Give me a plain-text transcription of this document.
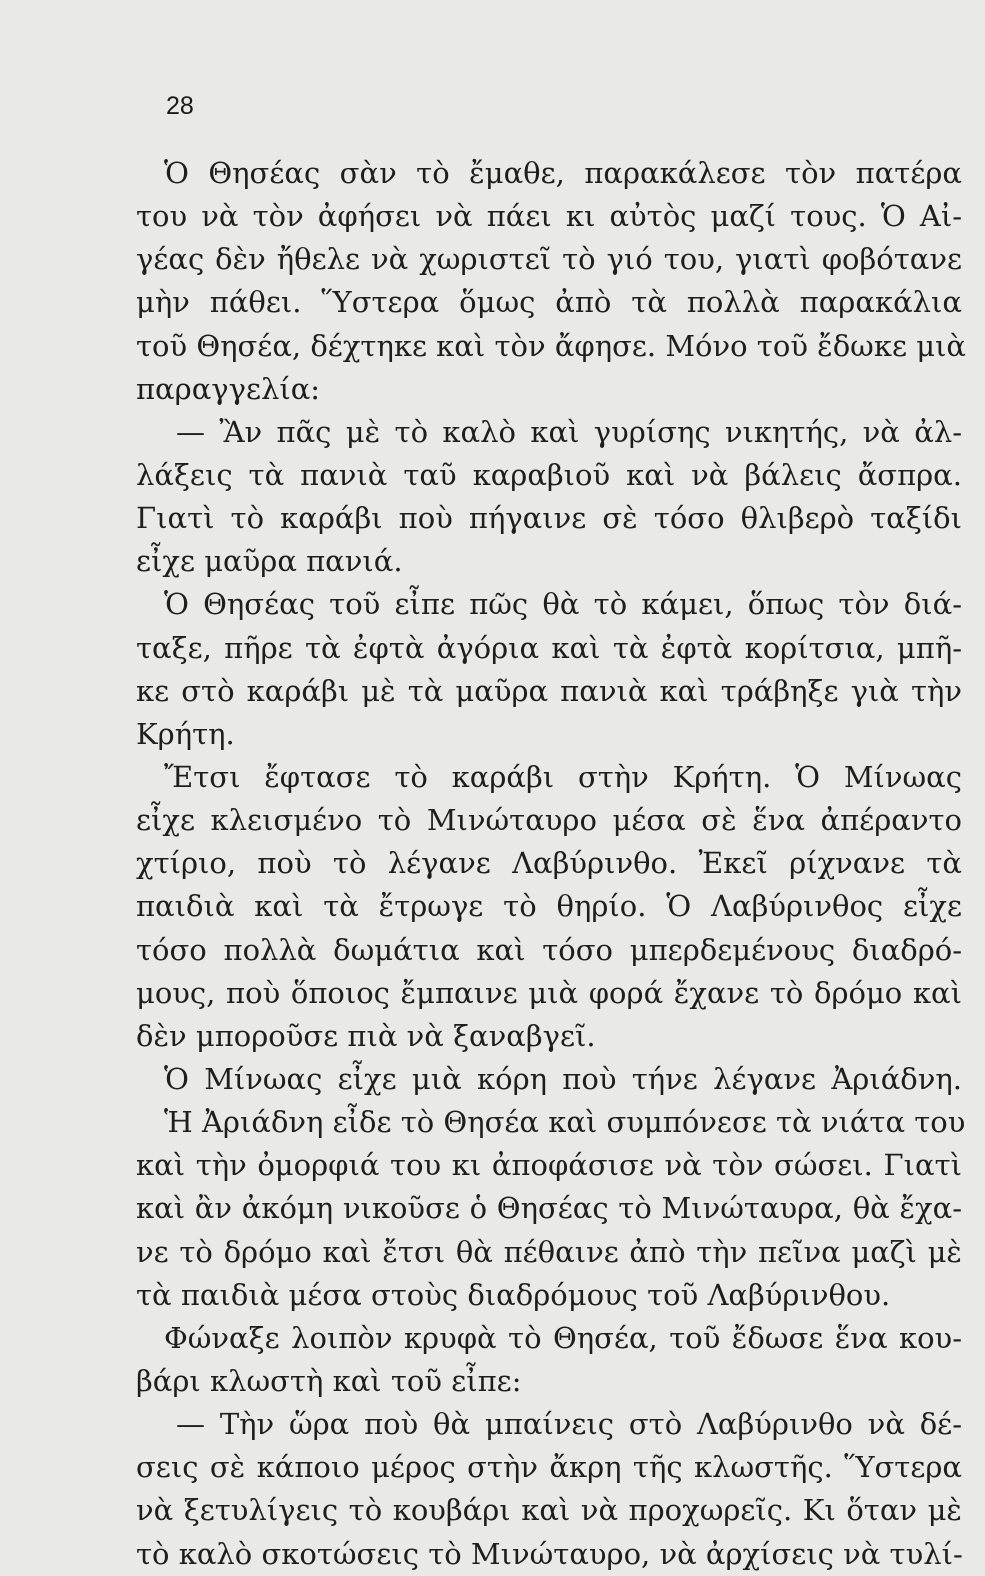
28
Ὁ Θησέας σὰν τὸ ἔμαθε, παρακάλεσε τὸν πατέρα
του νὰ τὸν ἀφήσει νὰ πάει κι αὐτὸς μαζί τους. Ὁ Αἰ-
γέας δὲν ἤθελε νὰ χωριστεῖ τὸ γιό του, γιατὶ φοβότανε
μὴν πάθει. Ὕστερα ὅμως ἀπὸ τὰ πολλὰ παρακάλια
τοῦ Θησέα, δέχτηκε καὶ τὸν ἄφησε. Μόνο τοῦ ἔδωκε μιὰ
παραγγελία:
— Ἂν πᾶς μὲ τὸ καλὸ καὶ γυρίσης νικητής, νὰ ἀλ-
λάξεις τὰ πανιὰ ταῦ καραβιοῦ καὶ νὰ βάλεις ἄσπρα.
Γιατὶ τὸ καράβι ποὺ πήγαινε σὲ τόσο θλιβερὸ ταξίδι
εἶχε μαῦρα πανιά.
Ὁ Θησέας τοῦ εἶπε πῶς θὰ τὸ κάμει, ὅπως τὸν διά-
ταξε, πῆρε τὰ ἐφτὰ ἀγόρια καὶ τὰ ἐφτὰ κορίτσια, μπῆ-
κε στὸ καράβι μὲ τὰ μαῦρα πανιὰ καὶ τράβηξε γιὰ τὴν
Κρήτη.
Ἔτσι ἔφτασε τὸ καράβι στὴν Κρήτη. Ὁ Μίνωας
εἶχε κλεισμένο τὸ Μινώταυρο μέσα σὲ ἕνα ἀπέραντο
χτίριο, ποὺ τὸ λέγανε Λαβύρινθο. Ἐκεῖ ρίχνανε τὰ
παιδιὰ καὶ τὰ ἔτρωγε τὸ θηρίο. Ὁ Λαβύρινθος εἶχε
τόσο πολλὰ δωμάτια καὶ τόσο μπερδεμένους διαδρό-
μους, ποὺ ὅποιος ἔμπαινε μιὰ φορά ἔχανε τὸ δρόμο καὶ
δὲν μποροῦσε πιὰ νὰ ξαναβγεῖ.
Ὁ Μίνωας εἶχε μιὰ κόρη ποὺ τήνε λέγανε Ἀριάδνη.
Ἡ Ἀριάδνη εἶδε τὸ Θησέα καὶ συμπόνεσε τὰ νιάτα του
καὶ τὴν ὀμορφιά του κι ἀποφάσισε νὰ τὸν σώσει. Γιατὶ
καὶ ἂν ἀκόμη νικοῦσε ὁ Θησέας τὸ Μινώταυρα, θὰ ἔχα-
νε τὸ δρόμο καὶ ἔτσι θὰ πέθαινε ἀπὸ τὴν πεῖνα μαζὶ μὲ
τὰ παιδιὰ μέσα στοὺς διαδρόμους τοῦ Λαβύρινθου.
Φώναξε λοιπὸν κρυφὰ τὸ Θησέα, τοῦ ἔδωσε ἕνα κου-
βάρι κλωστὴ καὶ τοῦ εἶπε:
— Τὴν ὥρα ποὺ θὰ μπαίνεις στὸ Λαβύρινθο νὰ δέ-
σεις σὲ κάποιο μέρος στὴν ἄκρη τῆς κλωστῆς. Ὕστερα
νὰ ξετυλίγεις τὸ κουβάρι καὶ νὰ προχωρεῖς. Κι ὅταν μὲ
τὸ καλὸ σκοτώσεις τὸ Μινώταυρο, νὰ ἀρχίσεις νὰ τυλί-
